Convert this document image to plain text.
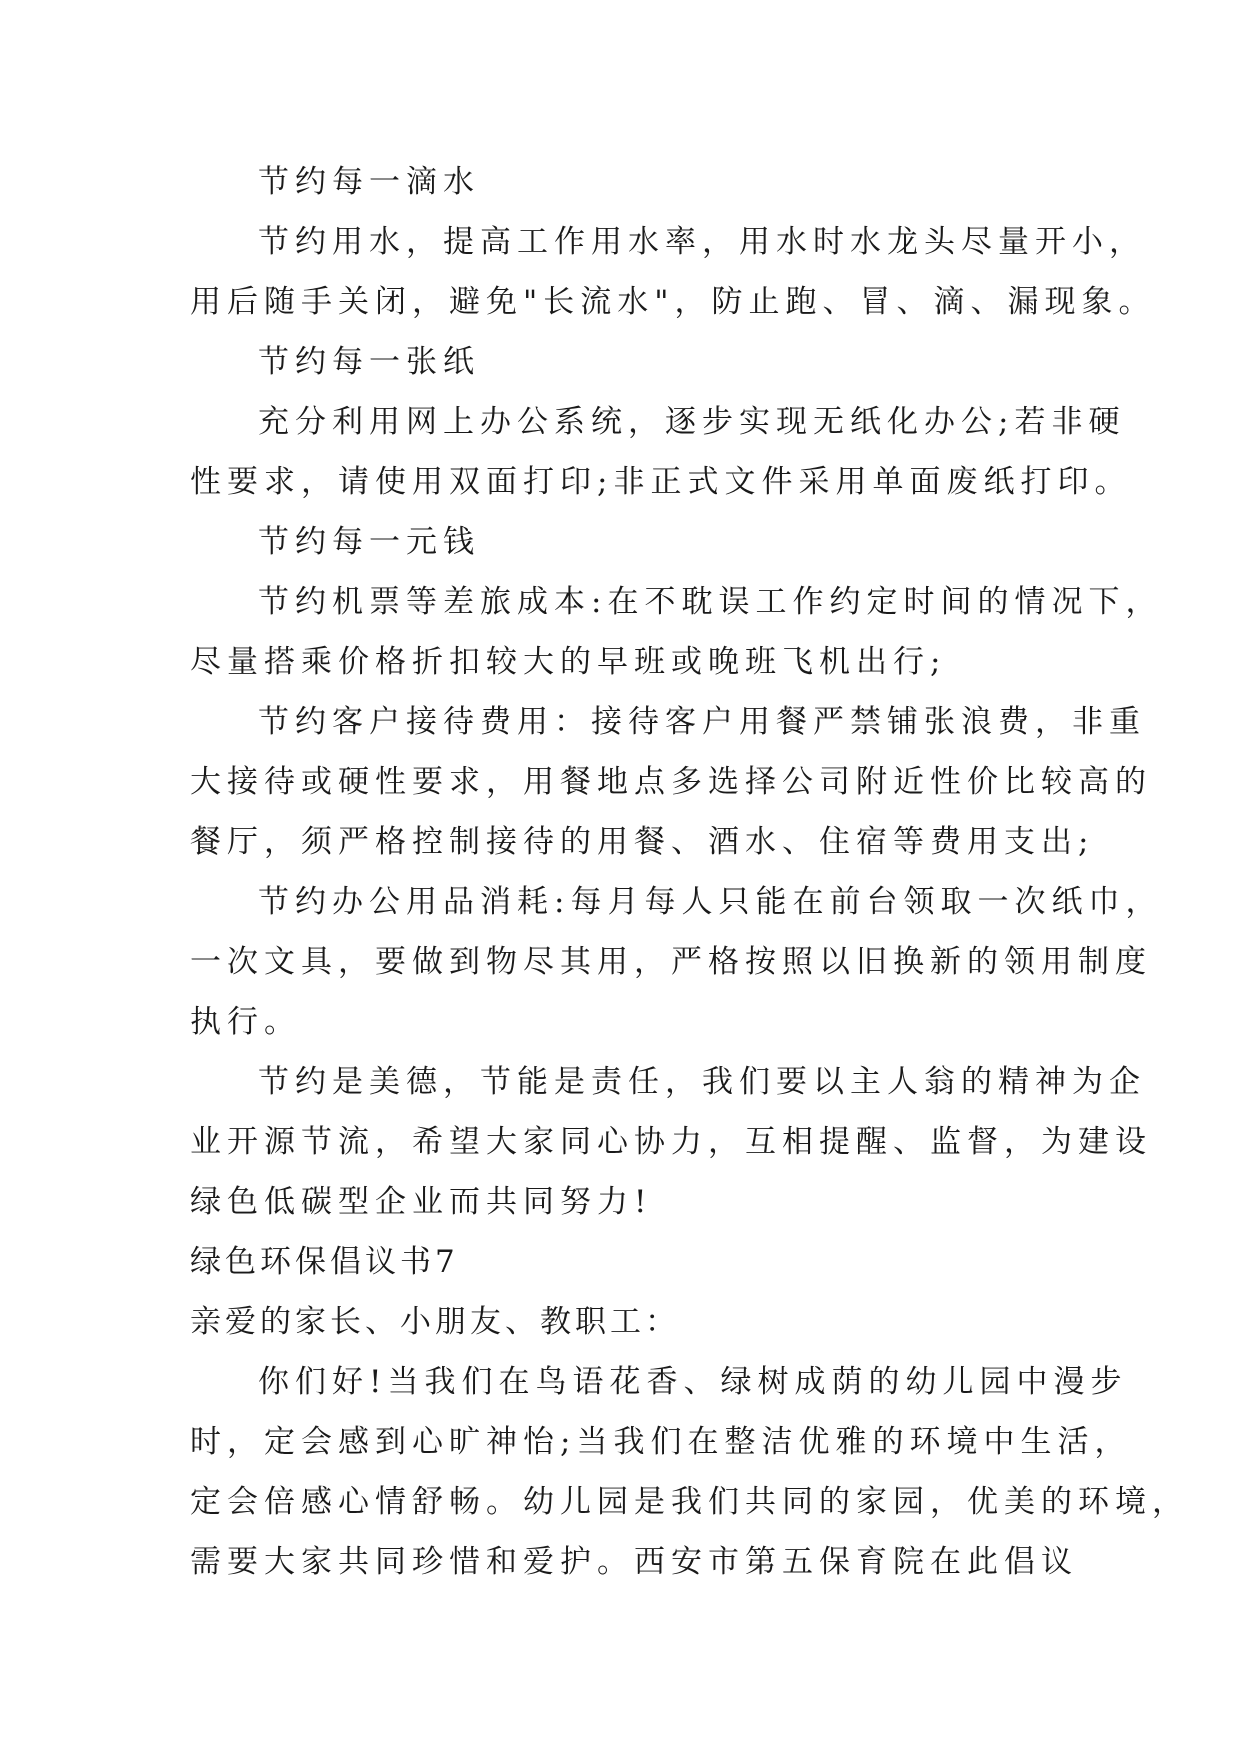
节约每一滴水
节约用水，提高工作用水率，用水时水龙头尽量开小，
用后随手关闭，避免"长流水"，防止跑、冒、滴、漏现象。
节约每一张纸
充分利用网上办公系统，逐步实现无纸化办公;若非硬
性要求，请使用双面打印;非正式文件采用单面废纸打印。
节约每一元钱
节约机票等差旅成本:在不耽误工作约定时间的情况下，
尽量搭乘价格折扣较大的早班或晚班飞机出行;
节约客户接待费用：接待客户用餐严禁铺张浪费，非重
大接待或硬性要求，用餐地点多选择公司附近性价比较高的
餐厅，须严格控制接待的用餐、酒水、住宿等费用支出;
节约办公用品消耗:每月每人只能在前台领取一次纸巾，
一次文具，要做到物尽其用，严格按照以旧换新的领用制度
执行。
节约是美德，节能是责任，我们要以主人翁的精神为企
业开源节流，希望大家同心协力，互相提醒、监督，为建设
绿色低碳型企业而共同努力!
绿色环保倡议书7
亲爱的家长、小朋友、教职工：
你们好!当我们在鸟语花香、绿树成荫的幼儿园中漫步
时，定会感到心旷神怡;当我们在整洁优雅的环境中生活，
定会倍感心情舒畅。幼儿园是我们共同的家园，优美的环境，
需要大家共同珍惜和爱护。西安市第五保育院在此倡议
